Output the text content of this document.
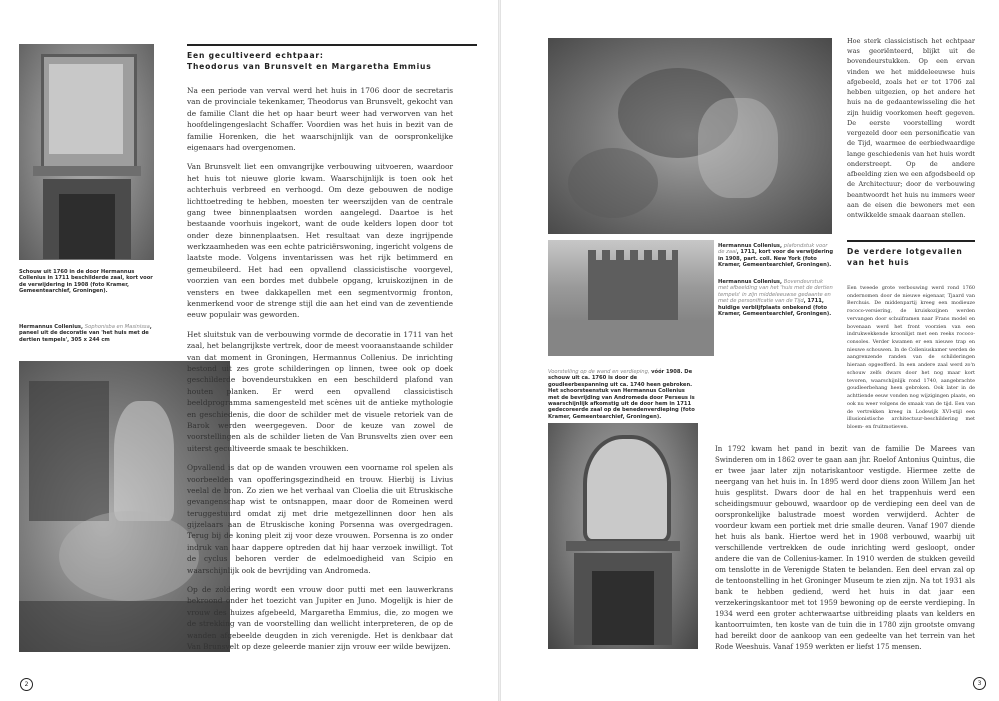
Schouw uit 1760 in de door Hermannus Collenius in 1711 beschilderde zaal, kort voor de verwijdering in 1908 (foto Kramer, Gemeentearchief, Groningen).
Hermannus Collenius, Sophonisba en Masinissa, paneel uit de decoratie van 'het huis met de dertien tempels', 305 x 244 cm
Een gecultiveerd echtpaar:
Theodorus van Brunsvelt en Margaretha Emmius

Na een periode van verval werd het huis in 1706 door de secretaris van de provinciale tekenkamer, Theodorus van Brunsvelt, gekocht van de familie Clant die het op haar beurt weer had verworven van het hoofdelingengeslacht Schaffer. Voordien was het huis in bezit van de familie Horenken, die het waarschijnlijk van de oorspronkelijke eigenaars had overgenomen.

Van Brunsvelt liet een omvangrijke verbouwing uitvoeren, waardoor het huis tot nieuwe glorie kwam. Waarschijnlijk is toen ook het achterhuis verbreed en verhoogd. Om deze gebouwen de nodige lichttoetreding te hebben, moesten ter weerszijden van de centrale gang twee binnenplaatsen worden aangelegd. Daartoe is het bestaande voorhuis ingekort, want de oude kelders lopen door tot onder deze binnenplaatsen. Het resultaat van deze ingrijpende werkzaamheden was een echte patriciërswoning, ingericht volgens de laatste mode. Volgens inventarissen was het rijk betimmerd en gemeubileerd. Het had een opvallend classicistische voorgevel, voorzien van een bordes met dubbele opgang, kruiskozijnen in de vensters en twee dakkapellen met een segmentvormig fronton, kenmerkend voor de strenge stijl die aan het eind van de zeventiende eeuw populair was geworden.

Het sluitstuk van de verbouwing vormde de decoratie in 1711 van het zaal, het belangrijkste vertrek, door de meest vooraanstaande schilder van dat moment in Groningen, Hermannus Collenius. De inrichting bestond uit zes grote schilderingen op linnen, twee ook op doek geschilderde bovendeurstukken en een beschilderd plafond van houten planken. Er werd een opvallend classicistisch beeldprogramma samengesteld met scènes uit de antieke mythologie en geschiedenis, die door de schilder met de visuele retoriek van de Barok werden weergegeven. Door de keuze van zowel de voorstellingen als de schilder lieten de Van Brunsvelts zien over een uiterst gecultiveerde smaak te beschikken.

Opvallend is dat op de wanden vrouwen een voorname rol spelen als voorbeelden van opofferingsgezindheid en trouw. Hierbij is Livius veelal de bron. Zo zien we het verhaal van Cloelia die uit Etruskische gevangenschap wist te ontsnappen, maar door de Romeinen werd teruggestuurd omdat zij met drie metgezellinnen door hen als gijzelaars aan de Etruskische koning Porsenna was overgedragen. Terug bij de koning pleit zij voor deze vrouwen. Porsenna is zo onder indruk van haar dappere optreden dat hij haar verzoek inwilligt. Tot de cyclus behoren verder de edelmoedigheid van Scipio en waarschijnlijk ook de bevrijding van Andromeda.

Op de zoldering wordt een vrouw door putti met een lauwerkrans bekroond onder het toezicht van Jupiter en Juno. Mogelijk is hier de vrouw des huizes afgebeeld, Margaretha Emmius, die, zo mogen we de strekking van de voorstelling dan wellicht interpreteren, de op de wanden afgebeelde deugden in zich verenigde. Het is denkbaar dat Van Brunsvelt op deze geleerde manier zijn vrouw eer wilde bewijzen.

2
Hermannus Collenius, plafondstuk voor de zaal, 1711, kort voor de verwijdering in 1908, part. coll. New York (foto Kramer, Gemeentearchief, Groningen).
Hermannus Collenius, Bovendeurstuk met afbeelding van het 'huis met de dertien tempels' in zijn middeleeuwse gedaante en met de personificatie van de Tijd, 1711, huidige verblijfplaats onbekend (foto Kramer, Gemeentearchief, Groningen).
Voorstelling op de wand en verdieping, vóór 1908. De schouw uit ca. 1760 is door de goudleerbespanning uit ca. 1740 heen gebroken. Het schoorsteenstuk van Hermannus Collenius met de bevrijding van Andromeda door Perseus is waarschijnlijk afkomstig uit de door hem in 1711 gedecoreerde zaal op de benedenverdieping (foto Kramer, Gemeentearchief, Groningen).

Hoe sterk classicistisch het echtpaar was georiënteerd, blijkt uit de bovendeurstukken. Op een ervan vinden we het middeleeuwse huis afgebeeld, zoals het er tot 1706 zal hebben uitgezien, op het andere het huis na de gedaantewisseling die het zijn huidig voorkomen heeft gegeven. De eerste voorstelling wordt vergezeld door een personificatie van de Tijd, waarmee de eerbiedwaardige lange geschiedenis van het huis wordt onderstreept. Op de andere afbeelding zien we een afgodsbeeld op de Architectuur; door de verbouwing beantwoordt het huis nu immers weer aan de eisen die bewoners met een ontwikkelde smaak daaraan stellen.

De verdere lotgevallen
van het huis

Een tweede grote verbouwing werd rond 1760 ondernomen door de nieuwe eigenaar, Tjaard van Berchuis. De middenpartij kreeg een modieuze rococo-versiering, de kruiskozijnen werden vervangen door schuiframen naar Frans model en bovenaan werd het front voorzien van een indrukwekkende kroonlijst met een reeks rococo-consoles. Verder kwamen er een nieuwe trap en nieuwe schouwen. In de Colleniuskamer werden de aangrenzende randen van de schilderingen hieraan opgeofferd. In een andere zaal werd zo'n schouw zelfs dwars door het nog maar kort tevoren, waarschijnlijk rond 1740, aangebrachte goudleerbehang heen gebroken. Ook later in de achttiende eeuw vonden nog wijzigingen plaats, en ook nu weer volgens de smaak van de tijd. Een van de vertrekken kreeg in Lodewijk XVI-stijl een illusionistische architectuur-beschildering met bloem- en fruitmotieven.

In 1792 kwam het pand in bezit van de familie De Marees van Swinderen om in 1862 over te gaan aan jhr. Roelof Antonius Quintus, die er twee jaar later zijn notariskantoor vestigde. Hiermee zette de neergang van het huis in. In 1895 werd door diens zoon Willem Jan het huis gesplitst. Dwars door de hal en het trappenhuis werd een scheidingsmuur gebouwd, waardoor op de verdieping een deel van de oorspronkelijke balustrade moest worden verwijderd. Achter de voordeur kwam een portiek met drie smalle deuren. Vanaf 1907 diende het huis als bank. Hiertoe werd het in 1908 verbouwd, waarbij uit verschillende vertrekken de oude inrichting werd gesloopt, onder andere die van de Collenius-kamer. In 1910 werden de stukken geveild om tenslotte in de Verenigde Staten te belanden. Een deel ervan zal op de tentoonstelling in het Groninger Museum te zien zijn. Na tot 1931 als bank te hebben gediend, werd het huis in dat jaar een verzekeringskantoor met tot 1959 bewoning op de eerste verdieping. In 1934 werd een groter achterwaartse uitbreiding plaats van kelders en kantoorruimten, ten koste van de tuin die in 1780 zijn grootste omvang had bereikt door de aankoop van een gedeelte van het terrein van het Rode Weeshuis. Vanaf 1959 werkten er liefst 175 mensen.

3
